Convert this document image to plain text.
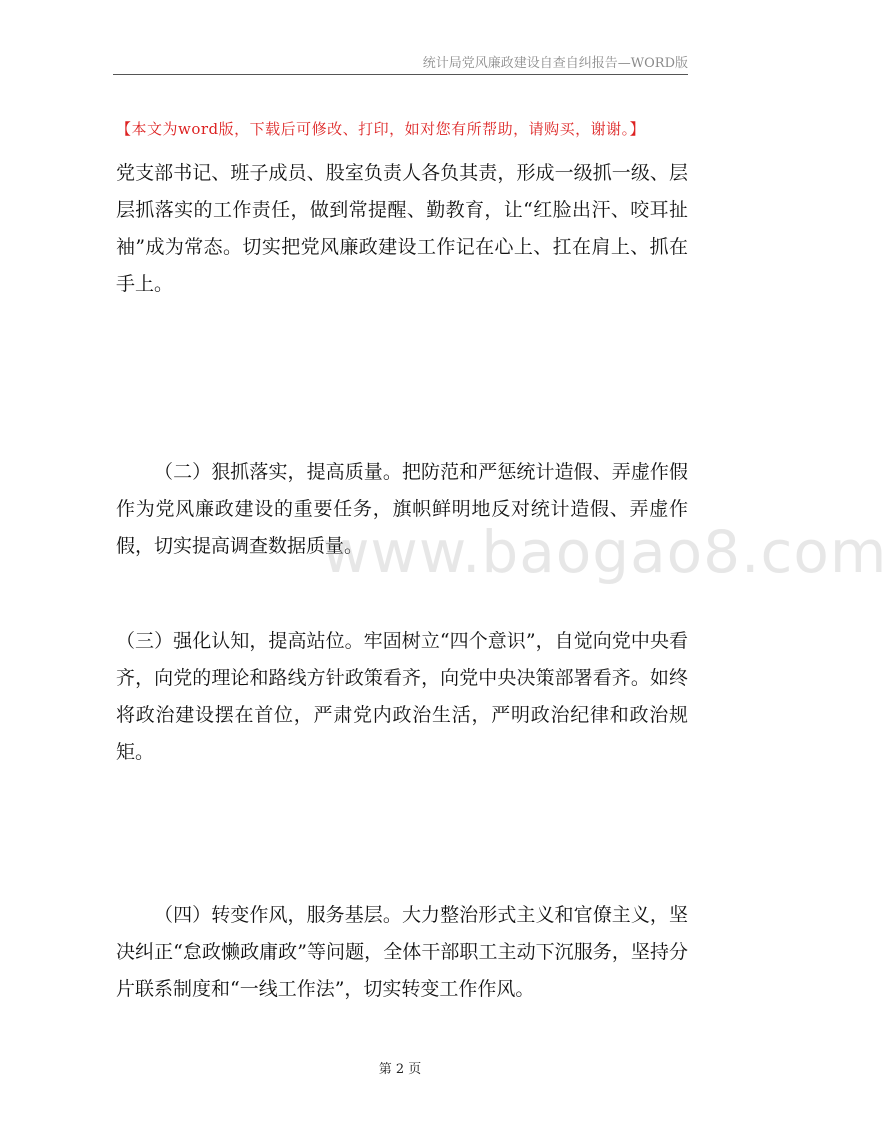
统计局党风廉政建设自查自纠报告—WORD版
【本文为word版，下载后可修改、打印，如对您有所帮助，请购买，谢谢。】

党支部书记、班子成员、股室负责人各负其责，形成一级抓一级、层层抓落实的工作责任，做到常提醒、勤教育，让“红脸出汗、咬耳扯袖”成为常态。切实把党风廉政建设工作记在心上、扛在肩上、抓在手上。

（二）狠抓落实，提高质量。把防范和严惩统计造假、弄虚作假作为党风廉政建设的重要任务，旗帜鲜明地反对统计造假、弄虚作假，切实提高调查数据质量。

（三）强化认知，提高站位。牢固树立“四个意识”，自觉向党中央看齐，向党的理论和路线方针政策看齐，向党中央决策部署看齐。如终将政治建设摆在首位，严肃党内政治生活，严明政治纪律和政治规矩。

（四）转变作风，服务基层。大力整治形式主义和官僚主义，坚决纠正“怠政懒政庸政”等问题，全体干部职工主动下沉服务，坚持分片联系制度和“一线工作法”，切实转变工作作风。

www.baogao8.com
第 2 页
